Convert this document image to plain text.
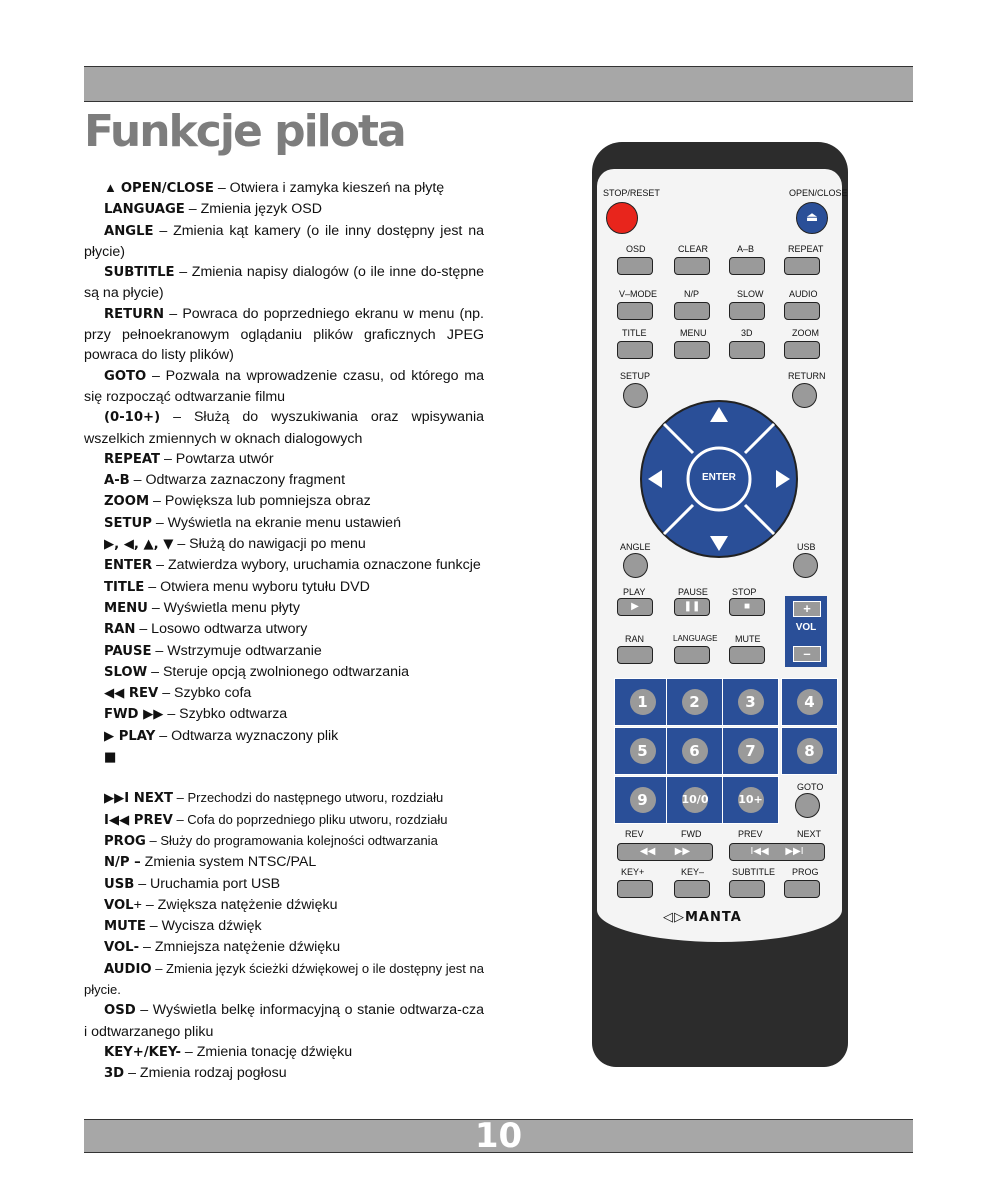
Funkcje pilota

▲ OPEN/CLOSE – Otwiera i zamyka kieszeń na płytę

LANGUAGE – Zmienia język OSD

ANGLE – Zmienia kąt kamery (o ile inny dostępny jest na płycie)

SUBTITLE – Zmienia napisy dialogów (o ile inne do-stępne są na płycie)

RETURN – Powraca do poprzedniego ekranu w menu (np. przy pełnoekranowym oglądaniu plików graficznych JPEG powraca do listy plików)

GOTO – Pozwala na wprowadzenie czasu, od którego ma się rozpocząć odtwarzanie filmu

(0-10+) – Służą do wyszukiwania oraz wpisywania wszelkich zmiennych w oknach dialogowych

REPEAT – Powtarza utwór

A-B – Odtwarza zaznaczony fragment

ZOOM – Powiększa lub pomniejsza obraz

SETUP – Wyświetla na ekranie menu ustawień

▶, ◀, ▲, ▼ – Służą do nawigacji po menu

ENTER – Zatwierdza wybory, uruchamia oznaczone funkcje

TITLE – Otwiera menu wyboru tytułu DVD

MENU – Wyświetla menu płyty

RAN – Losowo odtwarza utwory

PAUSE – Wstrzymuje odtwarzanie

SLOW – Steruje opcją zwolnionego odtwarzania

◀◀ REV – Szybko cofa

FWD ▶▶ – Szybko odtwarza

▶ PLAY – Odtwarza wyznaczony plik

■

▶▶I NEXT – Przechodzi do następnego utworu, rozdziału

I◀◀ PREV – Cofa do poprzedniego pliku utworu, rozdziału

PROG – Służy do programowania kolejności odtwarzania

N/P – Zmienia system NTSC/PAL

USB – Uruchamia port USB

VOL+ – Zwiększa natężenie dźwięku

MUTE – Wycisza dźwięk

VOL- – Zmniejsza natężenie dźwięku

AUDIO – Zmienia język ścieżki dźwiękowej o ile dostępny jest na płycie.

OSD – Wyświetla belkę informacyjną o stanie odtwarza-cza i odtwarzanego pliku

KEY+/KEY- – Zmienia tonację dźwięku

3D – Zmienia rodzaj pogłosu

STOP/RESET	OPEN/CLOSE
⏏
OSD	CLEAR	A–B	REPEAT
V–MODE	N/P	SLOW	AUDIO
TITLE	MENU	3D	ZOOM
SETUP	RETURN
ENTER
ANGLE	USB
PLAY
▶
PAUSE
❚❚
STOP
■	+
VOL
–
RAN	LANGUAGE MUTE
1	2	3	4
5	6	7	8
9	10/0	10+
GOTO
REV	FWD	PREV	NEXT
◀◀       ▶▶	I◀◀      ▶▶I
KEY+	KEY–	SUBTITLE PROG
◁▷MANTA
10
